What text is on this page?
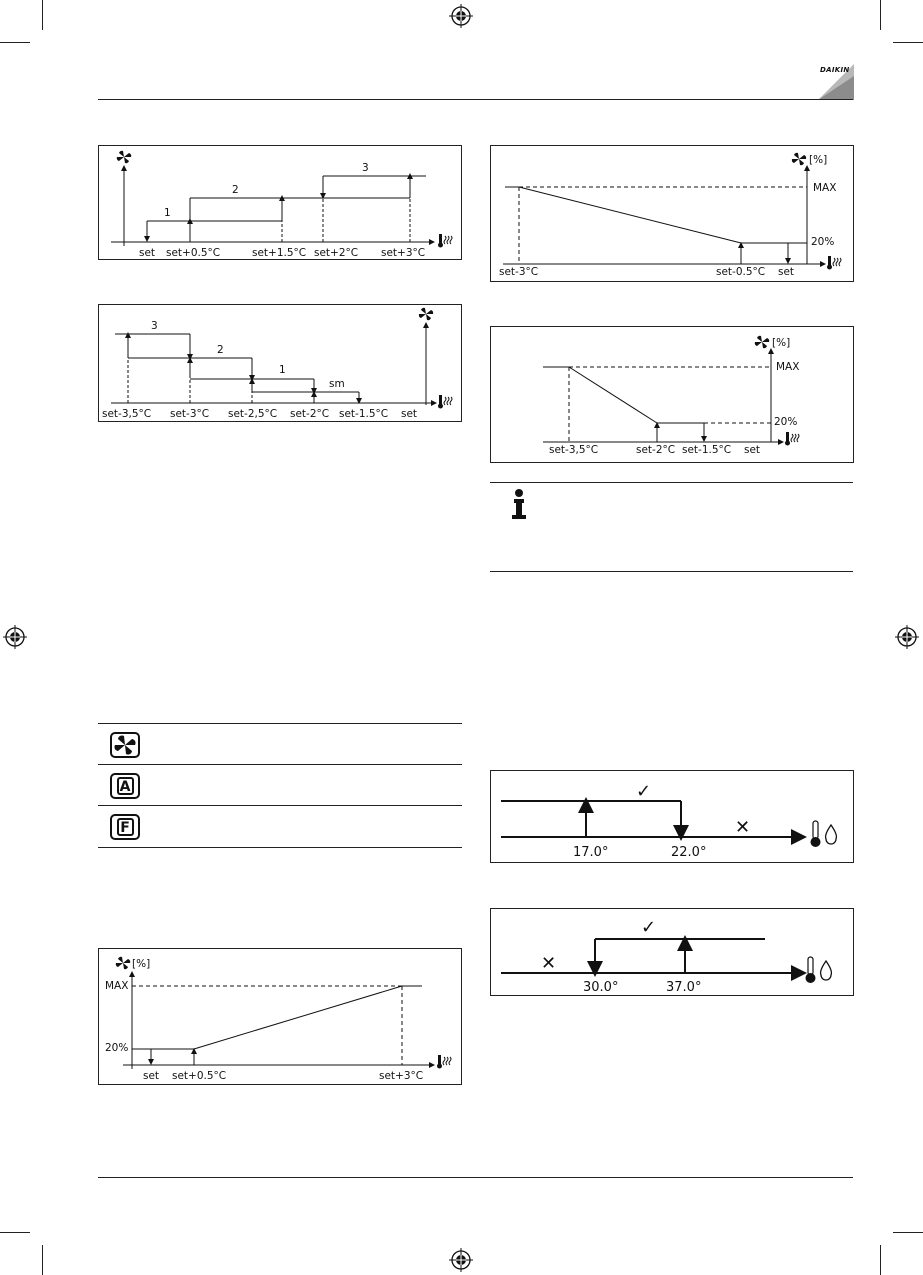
DAIKIN
1
2
3
set set+0.5°C	set+1.5°C set+2°C set+3°C
3
2
1
sm
set-3,5°C set-3°C set-2,5°C set-2°C set-1.5°C set
[%]
MAX
20%
set-3°C	set-0.5°C set
[%]
MAX
20%
set-3,5°C	set-2°C set-1.5°C set
A
F
[%]
MAX
20%
set set+0.5°C	set+3°C
✓
✕
17.0°	22.0°
✓
✕
30.0°	37.0°
